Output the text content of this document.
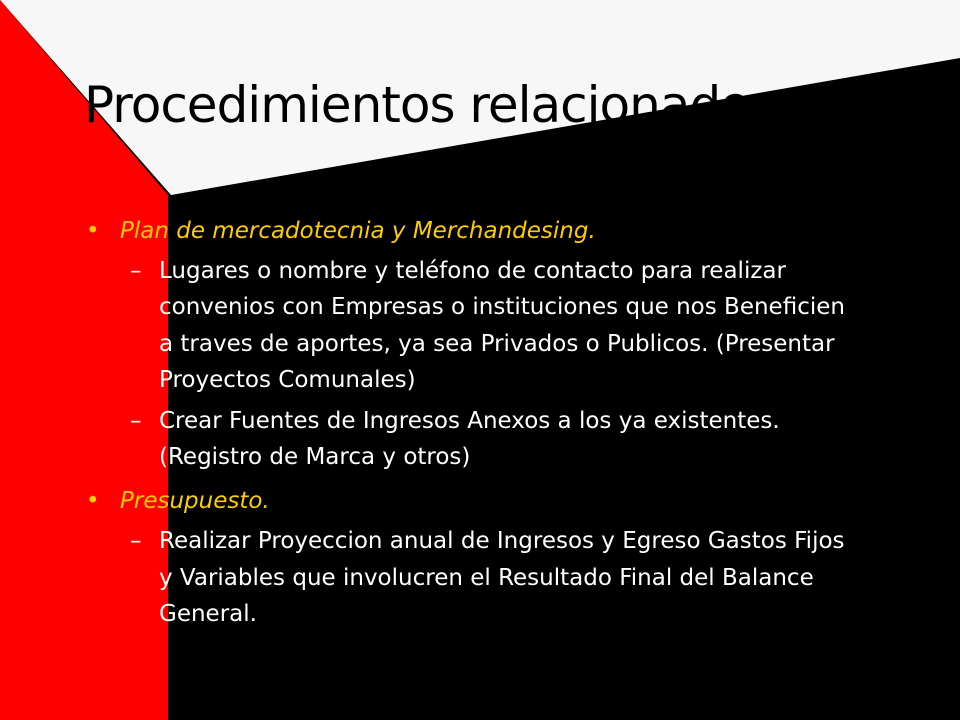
Procedimientos relacionados
• Plan de mercadotecnia y Merchandesing.
– Lugares o nombre y teléfono de contacto para realizar convenios con Empresas o instituciones que nos Beneficien a traves de aportes, ya sea Privados o Publicos. (Presentar Proyectos Comunales)
– Crear Fuentes de Ingresos Anexos a los ya existentes. (Registro de Marca y otros)
• Presupuesto.
– Realizar Proyeccion anual de Ingresos y Egreso Gastos Fijos y Variables que involucren el Resultado Final del Balance General.
